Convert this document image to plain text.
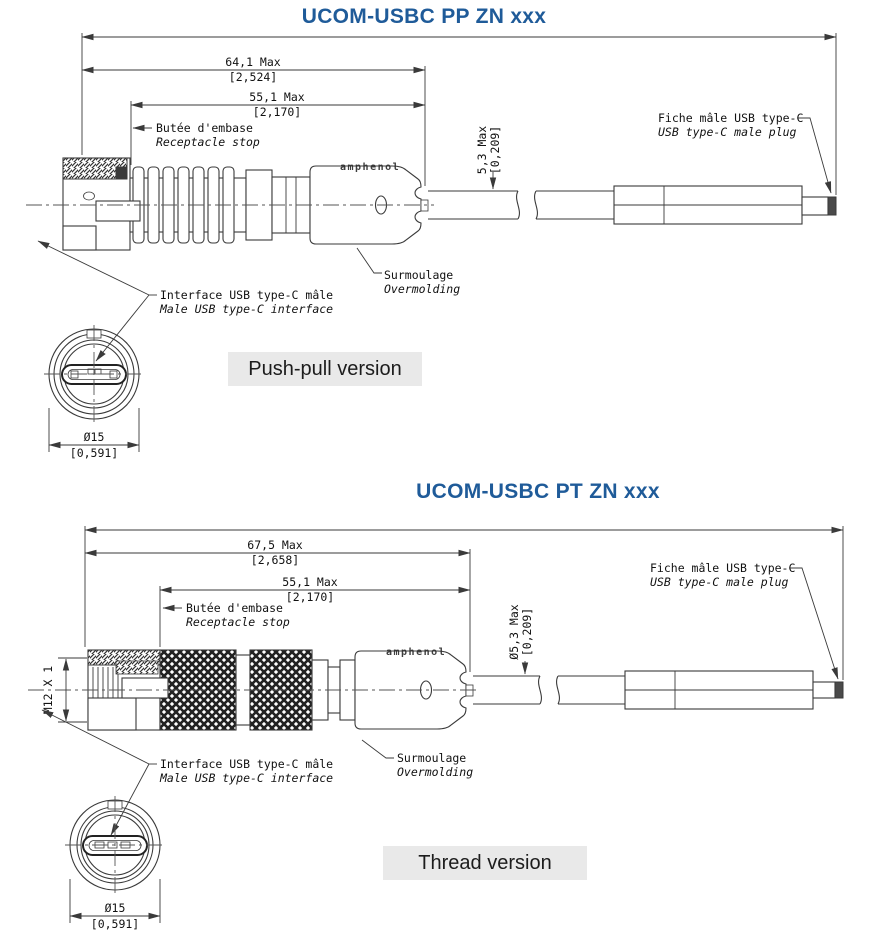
amphenol
64,1 Max
[2,524]
55,1 Max
[2,170]
Butée d'embase
Receptacle stop
Fiche mâle USB type-C
USB type-C male plug
5,3 Max [0,209]
Surmoulage
Overmolding
Interface USB type-C mâle
Male USB type-C interface
Ø15
[0,591]
amphenol
67,5 Max
[2,658]
55,1 Max
[2,170]
Butée d'embase
Receptacle stop
Fiche mâle USB type-C
USB type-C male plug
Ø5,3 Max [0,209]
M12 X 1
Surmoulage
Overmolding
Interface USB type-C mâle
Male USB type-C interface
Ø15
[0,591]
UCOM-USBC PP ZN xxx
UCOM-USBC PT ZN xxx
Push-pull version
Thread version
